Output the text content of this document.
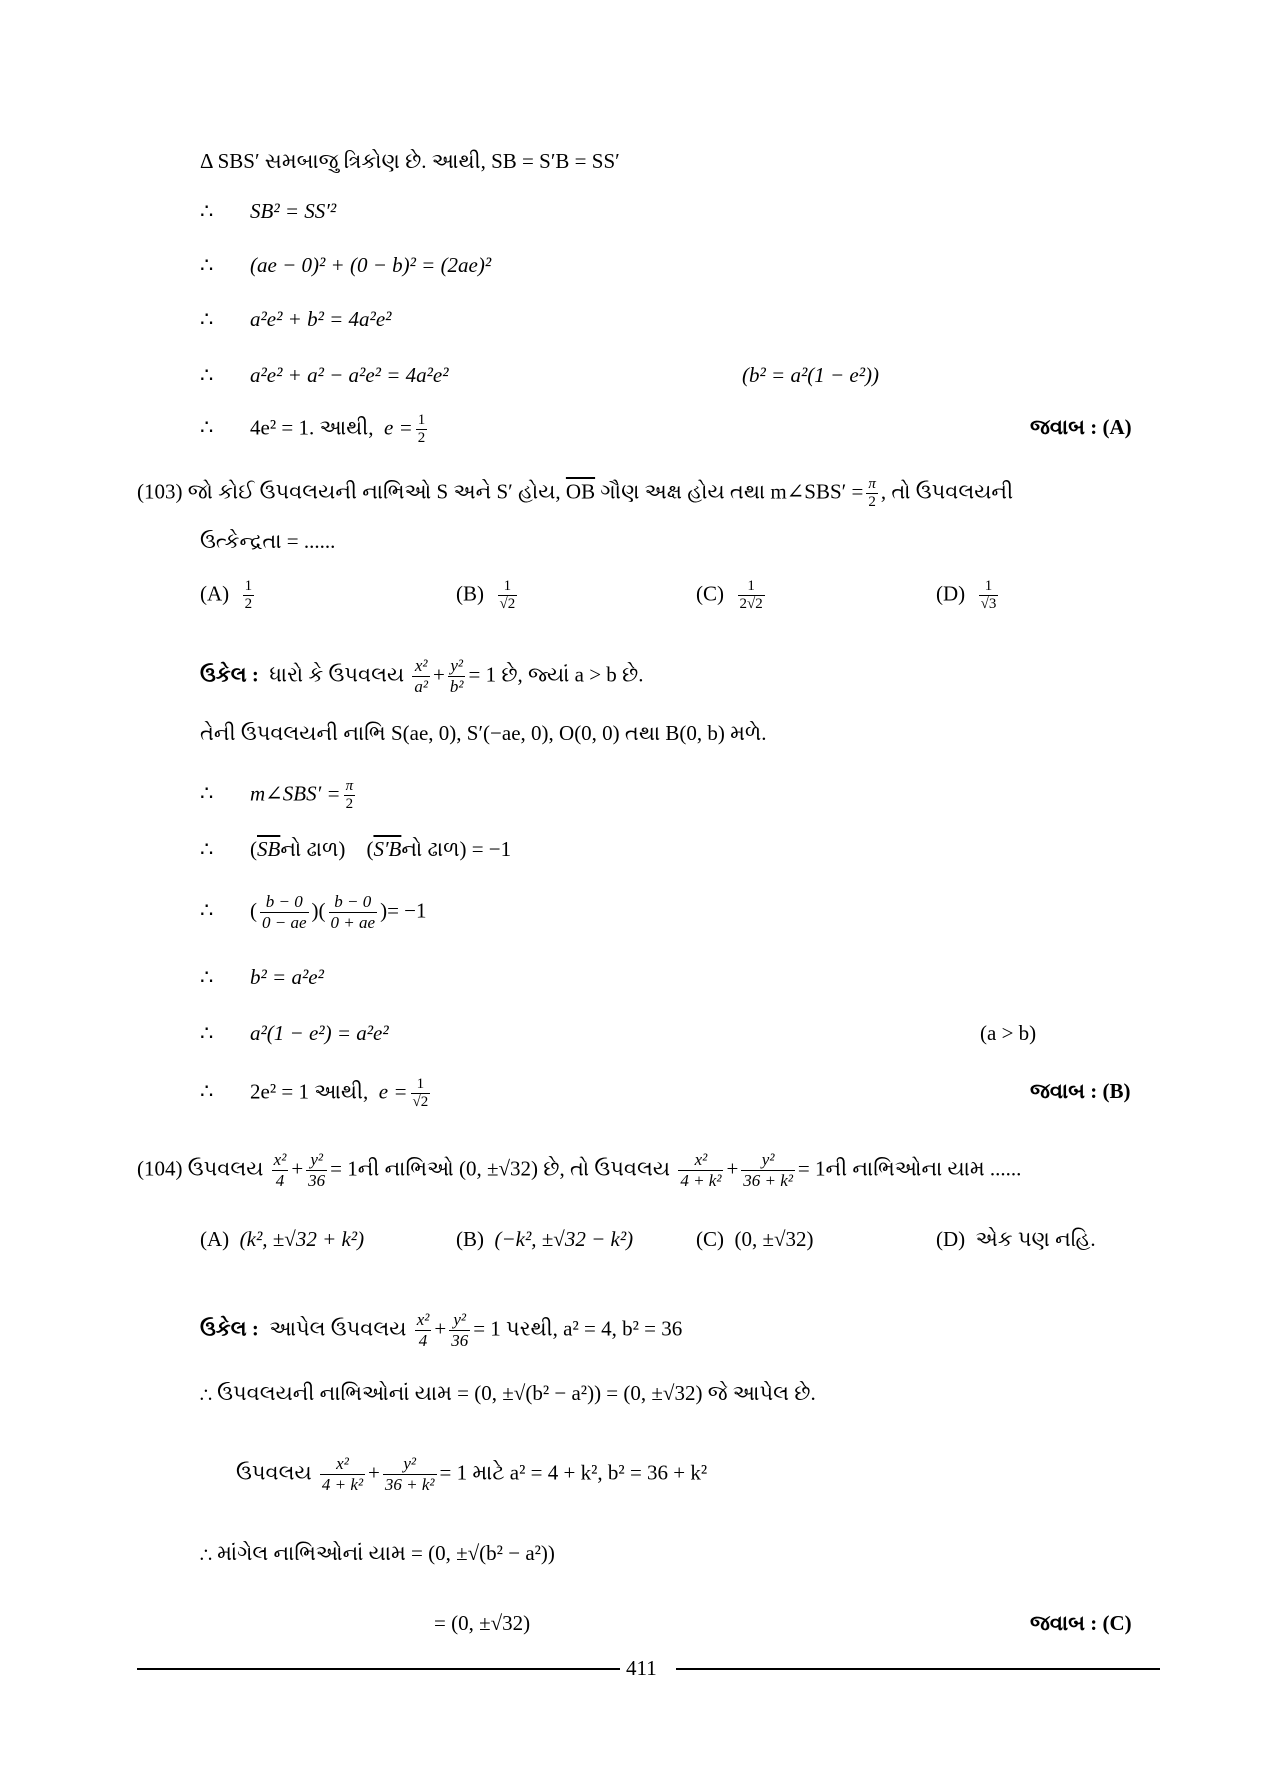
Δ SBS′ સમબાજુ ત્રિકોણ છે. આથી, SB = S′B = SS′
∴ SB² = SS′²
∴ (ae − 0)² + (0 − b)² = (2ae)²
∴ a²e² + b² = 4a²e²
∴ a²e² + a² − a²e² = 4a²e²	(b² = a²(1 − e²))
∴ 4e² = 1. આથી, $e = \frac{1}{2}$	જવાબ : (A)
(103) જો કોઈ ઉપવલયની નાભિઓ S અને S′ હોય, $\overline{OB}$ ગૌણ અક્ષ હોય તથા m∠SBS′ = $\frac{\pi}{2}$ , તો ઉપવલયની
ઉત્કેન્દ્રતા = ......
$(A) \frac{1}{2}$	$(B) \frac{1}{√2}$	$(C) \frac{1}{2√2}$	$(D) \frac{1}{√3}$
ઉકેલ : ધારો કે ઉપવલય $\frac{\text{x²}}{\text{a²}} + \frac{\text{y²}}{\text{b²}} = 1$ છે, જ્યાં a > b છે.
તેની ઉપવલયની નાભિ S(ae, 0), S′(−ae, 0), O(0, 0) તથા B(0, b) મળે.
∴ m∠SBS′ = $\frac{\pi}{2}$
∴ ($\overline{SB}નો$ ઢાળ)    (S′Bનો ઢાળ) = −1
∴ ( $\frac{b - 0}{0 - ae}$ )( $\frac{b - 0}{0 + ae}$ )= −1
∴ b² = a²e²
∴ a²(1 − e²) = a²e²	(a > b)
∴ 2e² = 1 આથી, $e = \frac{1}{√2}$	જવાબ : (B)
(104) ઉપવલય $\frac{\text{x²}}{4} + \frac{\text{y²}}{36}$ = 1ની નાભિઓ (0, ±√32) છે, તો ઉપવલય $\frac{\text{x²}}{\text{4 + k²}} + \frac{\text{y²}}{\text{36 + k²}}$ = 1ની નાભિઓના યામ ......
(A) (k², ±√32 + k²)	(B) (−k², ±√32 − k²)	(C) (0, ±√32)	(D) એક પણ નહિ.
ઉકેલ : આપેલ ઉપવલય $\frac{\text{x²}}{4} + \frac{\text{y²}}{36} = 1$ પરથી, a² = 4, b² = 36
∴ ઉપવલયની નાભિઓનાં યામ = (0, ±√(b² − a²)) = (0, ±√32) જે આપેલ છે.
ઉપવલય $\frac{\text{x²}}{\text{4 + k²}} + \frac{\text{y²}}{\text{36 + k²}} = 1$ માટે a² = 4 + k², b² = 36 + k²
∴ માંગેલ નાભિઓનાં યામ = (0, ±√(b² − a²))
= (0, ±√32)	જવાબ : (C)
411
